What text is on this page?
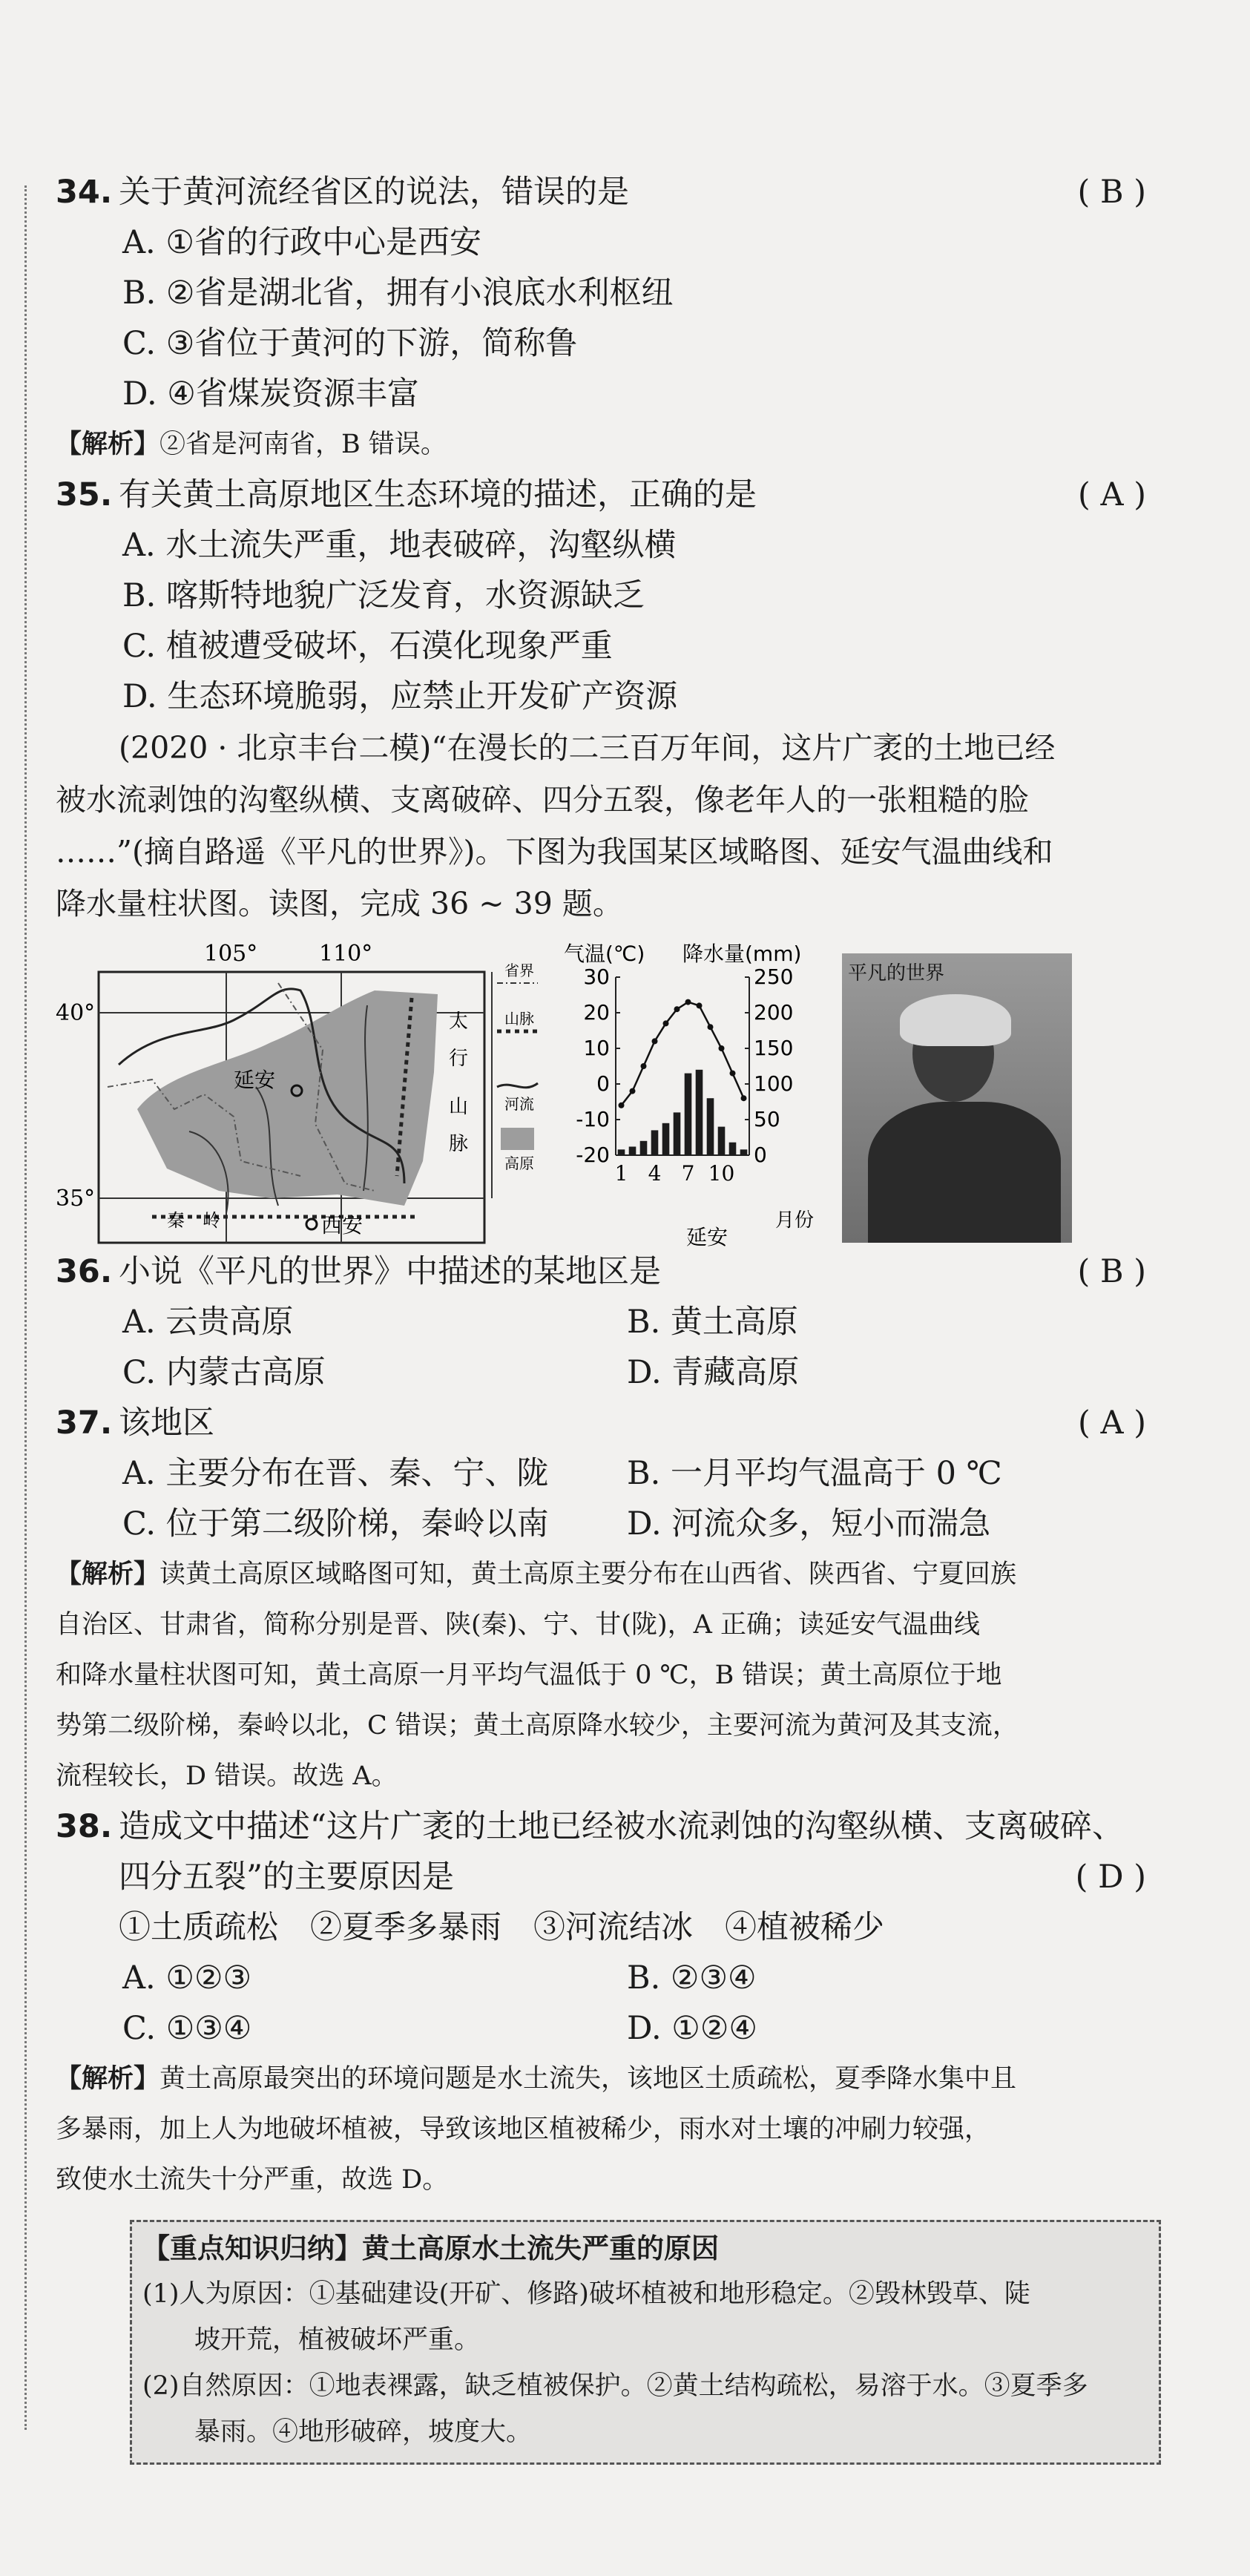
34. 关于黄河流经省区的说法，错误的是	( B )
A. ①省的行政中心是西安
B. ②省是湖北省，拥有小浪底水利枢纽
C. ③省位于黄河的下游，简称鲁
D. ④省煤炭资源丰富
【解析】②省是河南省，B 错误。
35. 有关黄土高原地区生态环境的描述，正确的是	( A )
A. 水土流失严重，地表破碎，沟壑纵横
B. 喀斯特地貌广泛发育，水资源缺乏
C. 植被遭受破坏，石漠化现象严重
D. 生态环境脆弱，应禁止开发矿产资源
(2020 · 北京丰台二模)“在漫长的二三百万年间，这片广袤的土地已经
被水流剥蚀的沟壑纵横、支离破碎、四分五裂，像老年人的一张粗糙的脸
……”(摘自路遥《平凡的世界》)。下图为我国某区域略图、延安气温曲线和
降水量柱状图。读图，完成 36 ~ 39 题。
105°	110°
40°
35°
延安
西安
秦　岭
太
行
山
脉
省界
山脉
河流
高原
气温(℃) 降水量(mm)
30
20
10
0
-10
-20
250
200
150
100
50
0
1 4 7 10
延安
月份
平凡的世界
36. 小说《平凡的世界》中描述的某地区是	( B )
A. 云贵高原	B. 黄土高原
C. 内蒙古高原	D. 青藏高原
37. 该地区	( A )
A. 主要分布在晋、秦、宁、陇 B. 一月平均气温高于 0 ℃
C. 位于第二级阶梯，秦岭以南 D. 河流众多，短小而湍急
【解析】读黄土高原区域略图可知，黄土高原主要分布在山西省、陕西省、宁夏回族
自治区、甘肃省，简称分别是晋、陕(秦)、宁、甘(陇)，A 正确；读延安气温曲线
和降水量柱状图可知，黄土高原一月平均气温低于 0 ℃，B 错误；黄土高原位于地
势第二级阶梯，秦岭以北，C 错误；黄土高原降水较少，主要河流为黄河及其支流，
流程较长，D 错误。故选 A。
38. 造成文中描述“这片广袤的土地已经被水流剥蚀的沟壑纵横、支离破碎、
四分五裂”的主要原因是	( D )
①土质疏松　②夏季多暴雨　③河流结冰　④植被稀少
A. ①②③	B. ②③④
C. ①③④	D. ①②④
【解析】黄土高原最突出的环境问题是水土流失，该地区土质疏松，夏季降水集中且
多暴雨，加上人为地破坏植被，导致该地区植被稀少，雨水对土壤的冲刷力较强，
致使水土流失十分严重，故选 D。
【重点知识归纳】黄土高原水土流失严重的原因
(1)人为原因：①基础建设(开矿、修路)破坏植被和地形稳定。②毁林毁草、陡
　　坡开荒，植被破坏严重。
(2)自然原因：①地表裸露，缺乏植被保护。②黄土结构疏松，易溶于水。③夏季多
　　暴雨。④地形破碎，坡度大。
